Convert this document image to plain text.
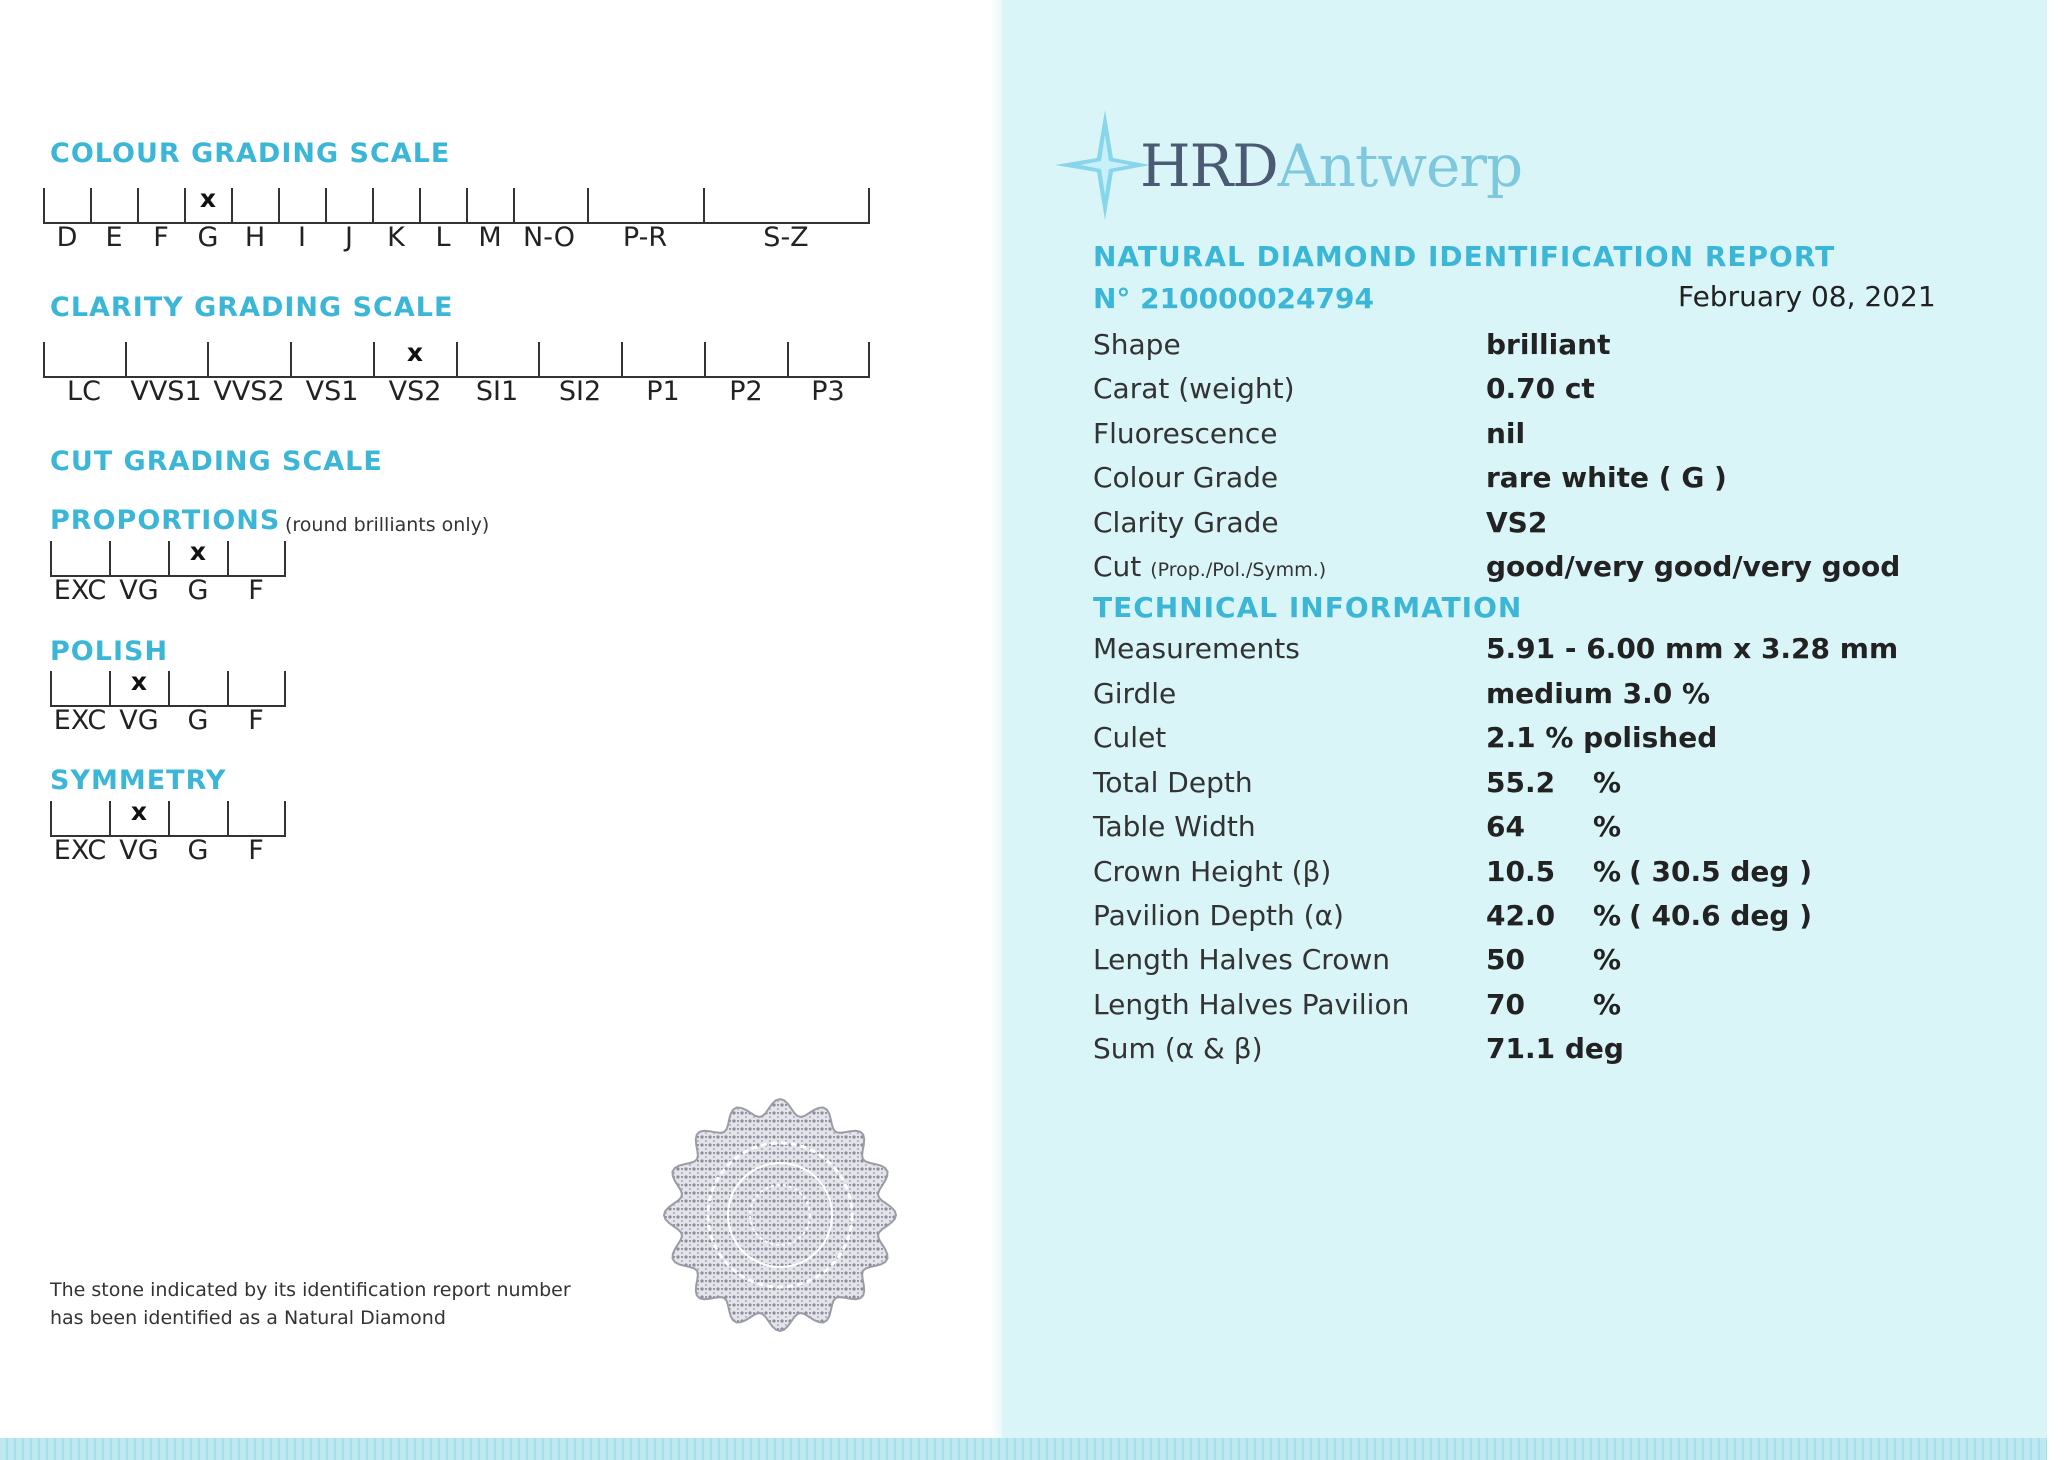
COLOUR GRADING SCALE
D E F G
x
H I J K L M N-O P-R	S-Z
CLARITY GRADING SCALE
LC VVS1 VVS2 VS1 VS2
x
SI1 SI2 P1 P2 P3
CUT GRADING SCALE
PROPORTIONS (round brilliants only)
EXC VG G
x
F
POLISH
EXC VG
x
G F
SYMMETRY
EXC VG
x
G F
The stone indicated by its identification report number
has been identified as a Natural Diamond
HRDAntwerp
NATURAL DIAMOND IDENTIFICATION REPORT
N° 210000024794	February 08, 2021
Shape	brilliant
Carat (weight)	0.70 ct
Fluorescence	nil
Colour Grade	rare white ( G )
Clarity Grade	VS2
Cut (Prop./Pol./Symm.)	good/very good/very good
TECHNICAL INFORMATION
Measurements	5.91 - 6.00 mm x 3.28 mm
Girdle	medium 3.0 %
Culet	2.1 % polished
Total Depth	55.2 %
Table Width	64 %
Crown Height (β)	10.5 % ( 30.5 deg )
Pavilion Depth (α)	42.0 % ( 40.6 deg )
Length Halves Crown	50 %
Length Halves Pavilion	70 %
Sum (α & β)	71.1 deg
